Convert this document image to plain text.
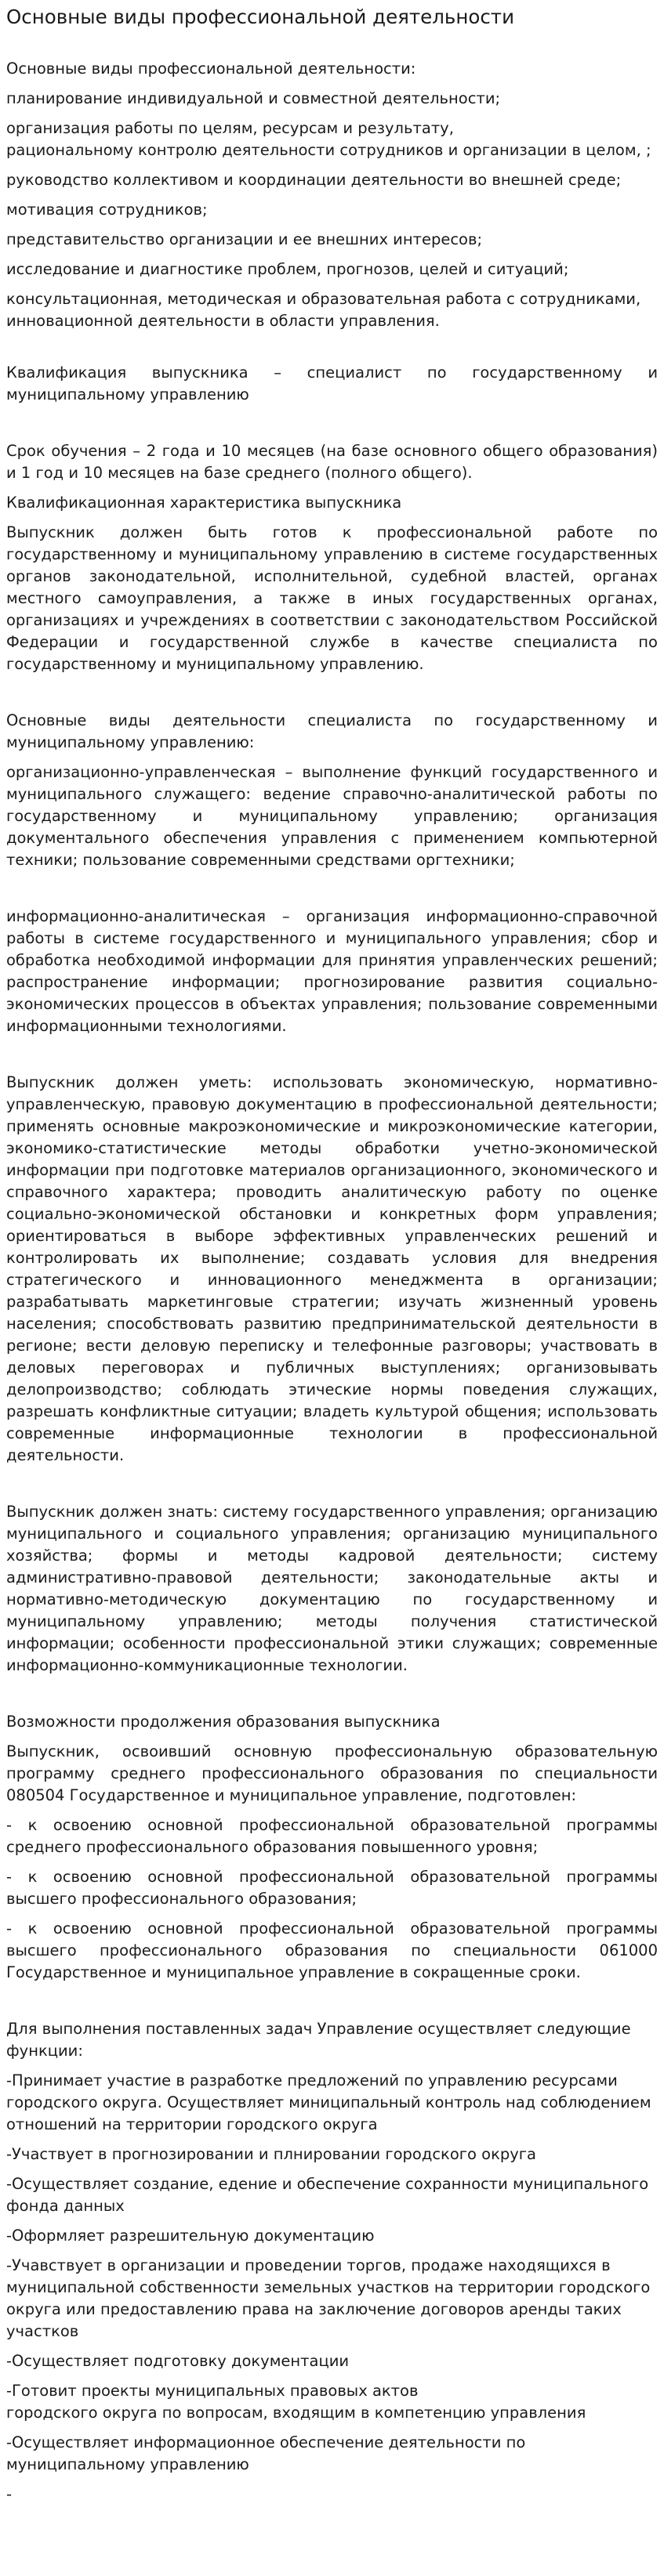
Основные виды профессиональной деятельности

Основные виды профессиональной деятельности:

планирование индивидуальной и совместной деятельности;

организация работы по целям, ресурсам и результату,
рациональному контролю деятельности сотрудников и организации в целом, ;

руководство коллективом и координации деятельности во внешней среде;

мотивация сотрудников;

представительство организации и ее внешних интересов;

исследование и диагностике проблем, прогнозов, целей и ситуаций;

консультационная, методическая и образовательная работа с сотрудниками, инновационной деятельности в области управления.

Квалификация выпускника – специалист по государственному и муниципальному управлению

Срок обучения – 2 года и 10 месяцев (на базе основного общего образования) и 1 год и 10 месяцев на базе среднего (полного общего).

Квалификационная характеристика выпускника

Выпускник должен быть готов к профессиональной работе по государственному и муниципальному управлению в системе государственных органов законодательной, исполнительной, судебной властей, органах местного самоуправления, а также в иных государственных органах, организациях и учреждениях в соответствии с законодательством Российской Федерации и государственной службе в качестве специалиста по государственному и муниципальному управлению.

Основные виды деятельности специалиста по государственному и муниципальному управлению:

организационно-управленческая – выполнение функций государственного и муниципального служащего: ведение справочно-аналитической работы по государственному и муниципальному управлению; организация документального обеспечения управления с применением компьютерной техники; пользование современными средствами оргтехники;

информационно-аналитическая – организация информационно-справочной работы в системе государственного и муниципального управления; сбор и обработка необходимой информации для принятия управленческих решений; распространение информации; прогнозирование развития социально-экономических процессов в объектах управления; пользование современными информационными технологиями.

Выпускник должен уметь: использовать экономическую, нормативно-управленческую, правовую документацию в профессиональной деятельности; применять основные макроэкономические и микроэкономические категории, экономико-статистические методы обработки учетно-экономической информации при подготовке материалов организационного, экономического и справочного характера; проводить аналитическую работу по оценке социально-экономической обстановки и конкретных форм управления; ориентироваться в выборе эффективных управленческих решений и контролировать их выполнение; создавать условия для внедрения стратегического и инновационного менеджмента в организации; разрабатывать маркетинговые стратегии; изучать жизненный уровень населения; способствовать развитию предпринимательской деятельности в регионе; вести деловую переписку и телефонные разговоры; участвовать в деловых переговорах и публичных выступлениях; организовывать делопроизводство; соблюдать этические нормы поведения служащих, разрешать конфликтные ситуации; владеть культурой общения; использовать современные информационные технологии в профессиональной деятельности.

Выпускник должен знать: систему государственного управления; организацию муниципального и социального управления; организацию муниципального хозяйства; формы и методы кадровой деятельности; систему административно-правовой деятельности; законодательные акты и нормативно-методическую документацию по государственному и муниципальному управлению; методы получения статистической информации; особенности профессиональной этики служащих; современные информационно-коммуникационные технологии.

Возможности продолжения образования выпускника

Выпускник, освоивший основную профессиональную образовательную программу среднего профессионального образования по специальности 080504 Государственное и муниципальное управление, подготовлен:

- к освоению основной профессиональной образовательной программы среднего профессионального образования повышенного уровня;

- к освоению основной профессиональной образовательной программы высшего профессионального образования;

- к освоению основной профессиональной образовательной программы высшего профессионального образования по специальности 061000 Государственное и муниципальное управление в сокращенные сроки.

Для выполнения поставленных задач Управление осуществляет следующие функции:

-Принимает участие в разработке предложений по управлению ресурсами городского округа. Осуществляет миниципальный контроль над соблюдением отношений на территории городского округа

-Участвует в прогнозировании и плнировании городского округа

-Осуществляет создание, едение и обеспечение сохранности муниципального фонда данных

-Оформляет разрешительную документацию

-Учавствует в организации и проведении торгов, продаже находящихся в муниципальной собственности земельных участков на территории городского округа или предоставлению права на заключение договоров аренды таких участков

-Осуществляет подготовку документации

-Готовит проекты муниципальных правовых актов
городского округа по вопросам, входящим в компетенцию управления

-Осуществляет информационное обеспечение деятельности по муниципальному управлению

-
